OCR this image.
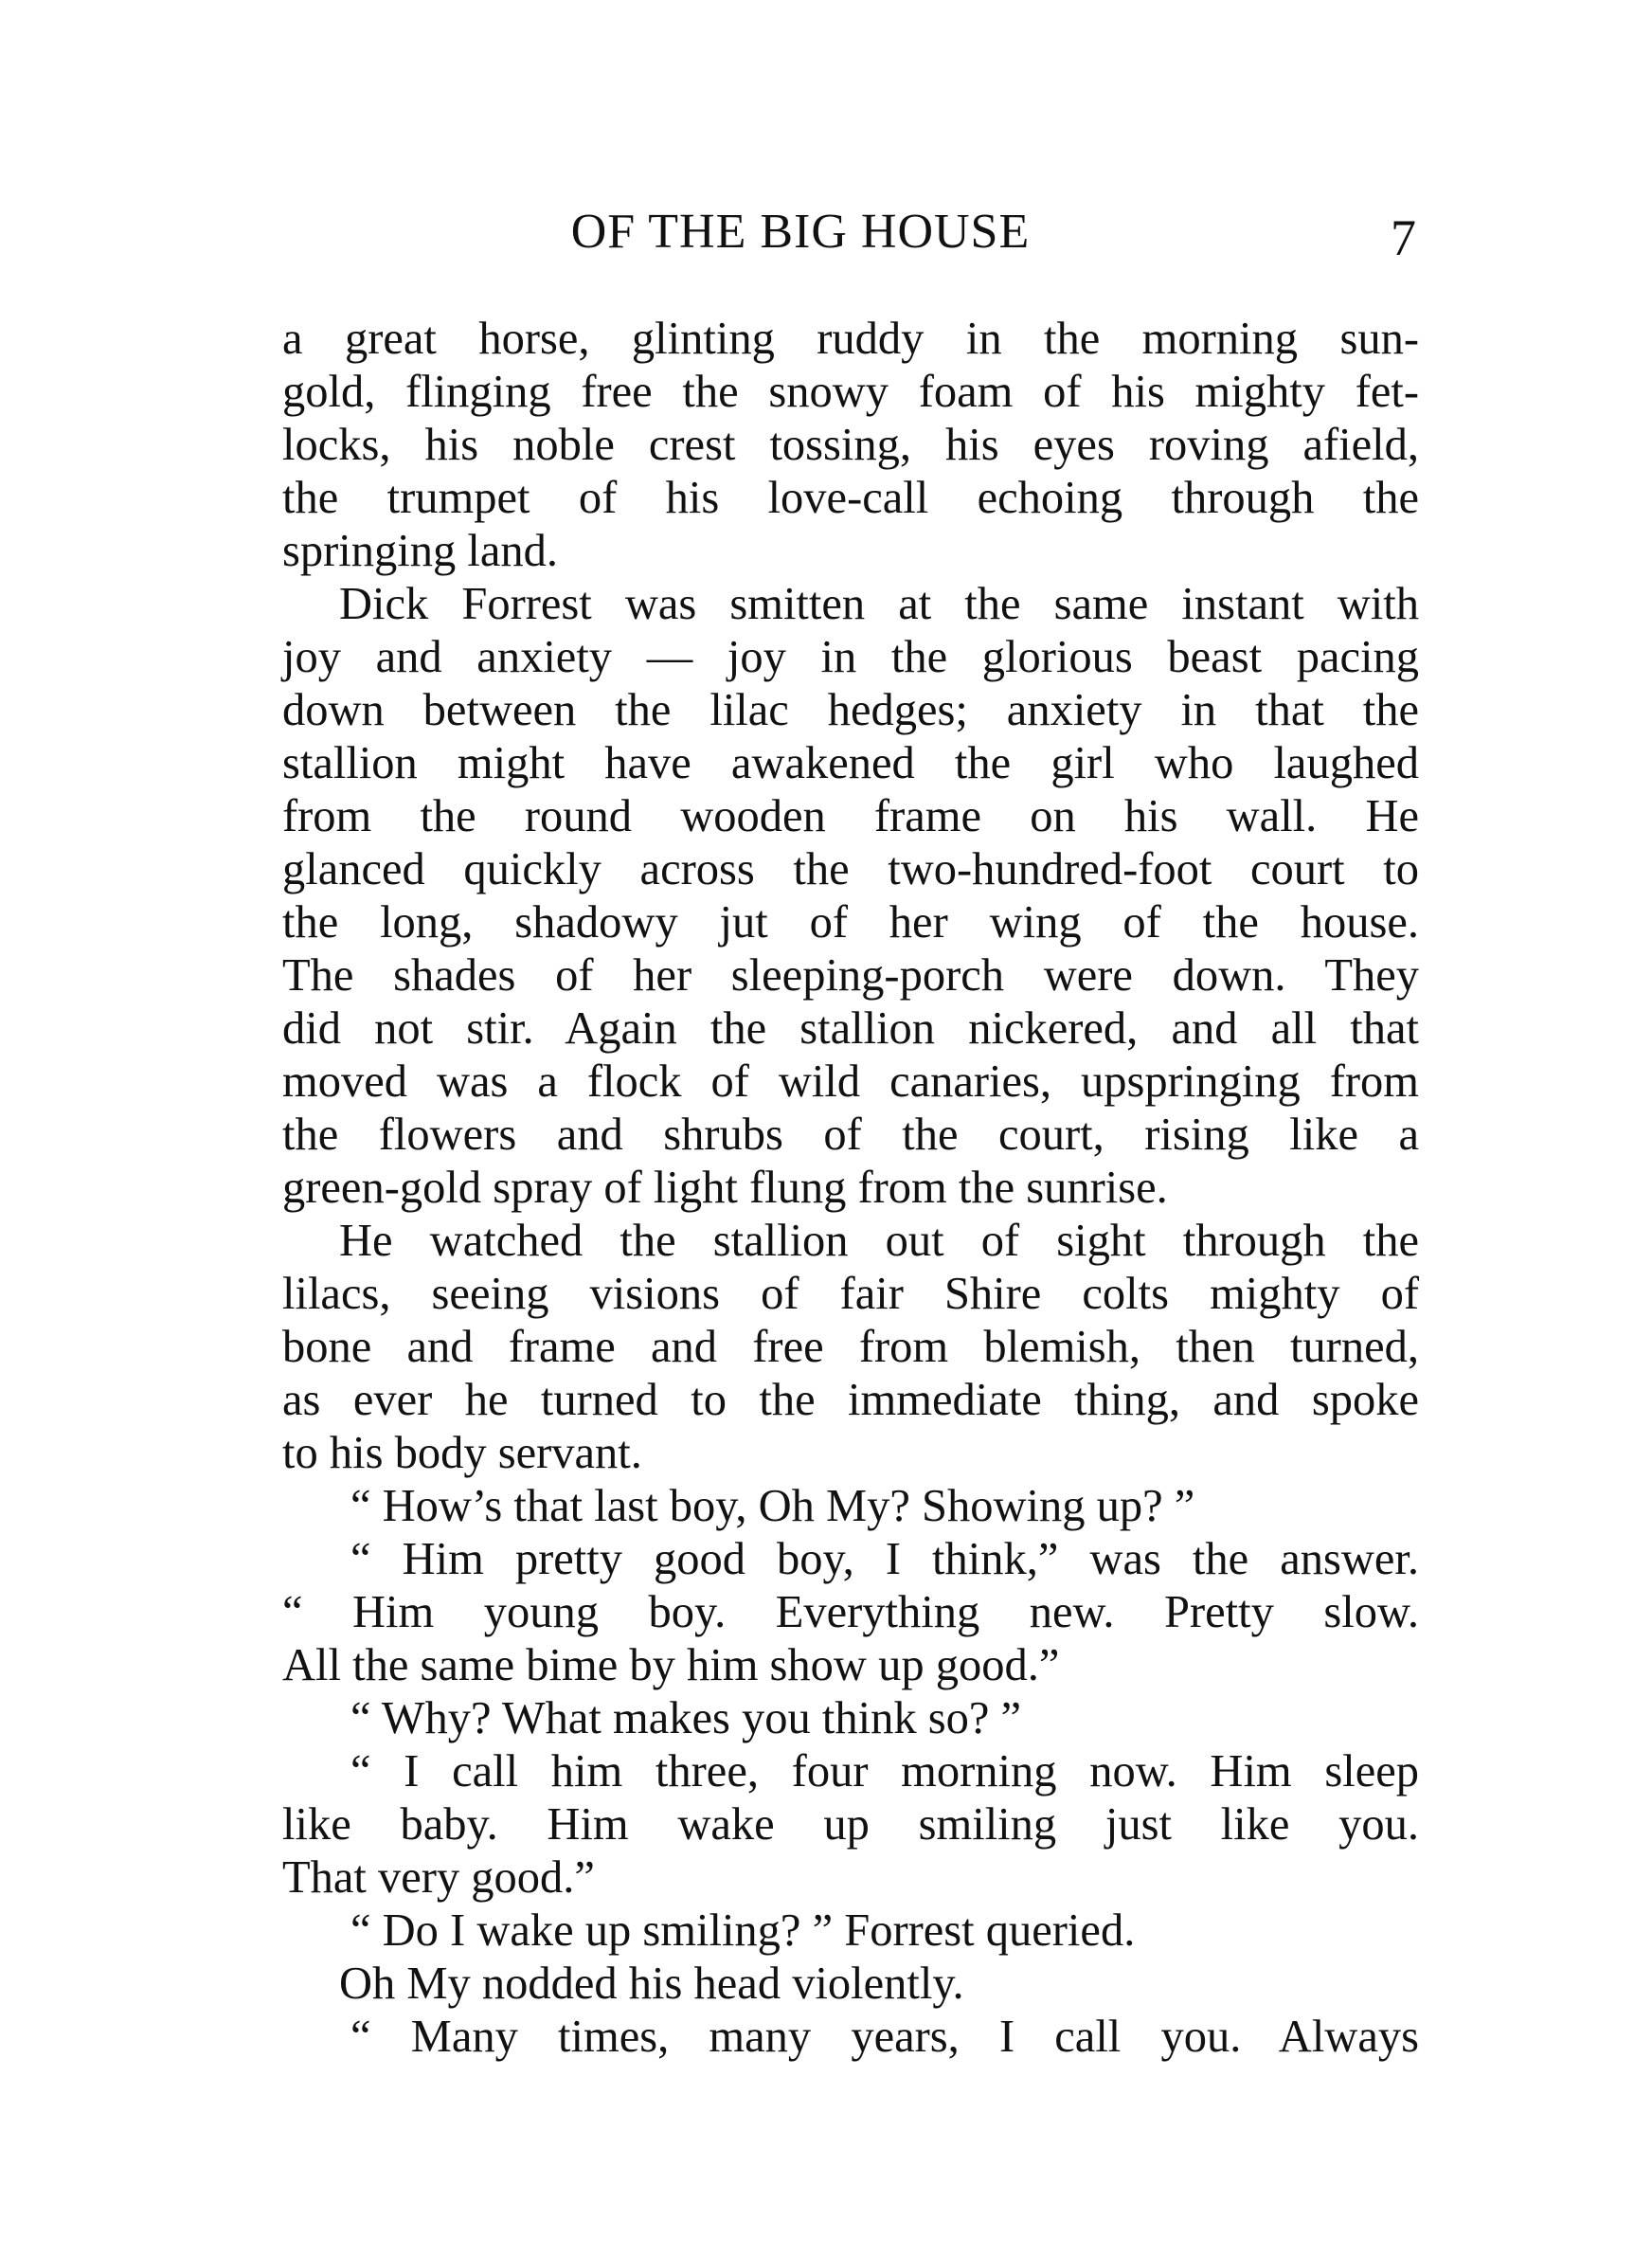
OF THE BIG HOUSE	7
a great horse, glinting ruddy in the morning sun-
gold, flinging free the snowy foam of his mighty fet-
locks, his noble crest tossing, his eyes roving afield,
the trumpet of his love-call echoing through the
springing land.
Dick Forrest was smitten at the same instant with
joy and anxiety — joy in the glorious beast pacing
down between the lilac hedges; anxiety in that the
stallion might have awakened the girl who laughed
from the round wooden frame on his wall. He
glanced quickly across the two-hundred-foot court to
the long, shadowy jut of her wing of the house.
The shades of her sleeping-porch were down. They
did not stir. Again the stallion nickered, and all that
moved was a flock of wild canaries, upspringing from
the flowers and shrubs of the court, rising like a
green-gold spray of light flung from the sunrise.
He watched the stallion out of sight through the
lilacs, seeing visions of fair Shire colts mighty of
bone and frame and free from blemish, then turned,
as ever he turned to the immediate thing, and spoke
to his body servant.
“ How’s that last boy, Oh My? Showing up? ”
“ Him pretty good boy, I think,” was the answer.
“ Him young boy. Everything new. Pretty slow.
All the same bime by him show up good.”
“ Why? What makes you think so? ”
“ I call him three, four morning now. Him sleep
like baby. Him wake up smiling just like you.
That very good.”
“ Do I wake up smiling? ” Forrest queried.
Oh My nodded his head violently.
“ Many times, many years, I call you. Always
